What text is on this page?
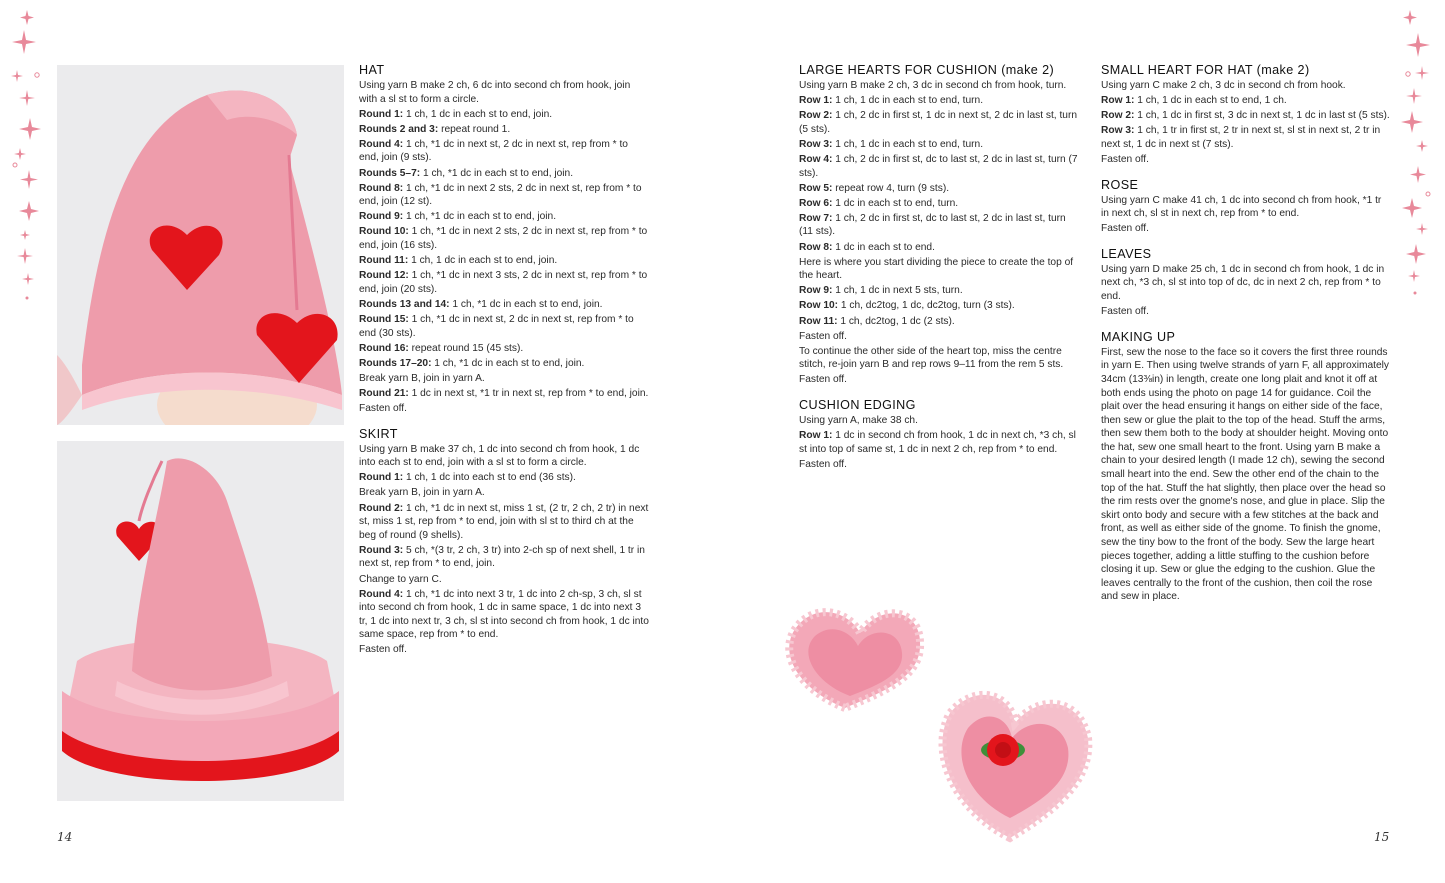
HAT

Using yarn B make 2 ch, 6 dc into second ch from hook, join with a sl st to form a circle.

Round 1: 1 ch, 1 dc in each st to end, join.

Rounds 2 and 3: repeat round 1.

Round 4: 1 ch, *1 dc in next st, 2 dc in next st, rep from * to end, join (9 sts).

Rounds 5–7: 1 ch, *1 dc in each st to end, join.

Round 8: 1 ch, *1 dc in next 2 sts, 2 dc in next st, rep from * to end, join (12 st).

Round 9: 1 ch, *1 dc in each st to end, join.

Round 10: 1 ch, *1 dc in next 2 sts, 2 dc in next st, rep from * to end, join (16 sts).

Round 11: 1 ch, 1 dc in each st to end, join.

Round 12: 1 ch, *1 dc in next 3 sts, 2 dc in next st, rep from * to end, join (20 sts).

Rounds 13 and 14: 1 ch, *1 dc in each st to end, join.

Round 15: 1 ch, *1 dc in next st, 2 dc in next st, rep from * to end (30 sts).

Round 16: repeat round 15 (45 sts).

Rounds 17–20: 1 ch, *1 dc in each st to end, join.

Break yarn B, join in yarn A.

Round 21: 1 dc in next st, *1 tr in next st, rep from * to end, join.

Fasten off.

SKIRT

Using yarn B make 37 ch, 1 dc into second ch from hook, 1 dc into each st to end, join with a sl st to form a circle.

Round 1: 1 ch, 1 dc into each st to end (36 sts).

Break yarn B, join in yarn A.

Round 2: 1 ch, *1 dc in next st, miss 1 st, (2 tr, 2 ch, 2 tr) in next st, miss 1 st, rep from * to end, join with sl st to third ch at the beg of round (9 shells).

Round 3: 5 ch, *(3 tr, 2 ch, 3 tr) into 2-ch sp of next shell, 1 tr in next st, rep from * to end, join.

Change to yarn C.

Round 4: 1 ch, *1 dc into next 3 tr, 1 dc into 2 ch-sp, 3 ch, sl st into second ch from hook, 1 dc in same space, 1 dc into next 3 tr, 1 dc into next tr, 3 ch, sl st into second ch from hook, 1 dc into same space, rep from * to end.

Fasten off.

LARGE HEARTS FOR CUSHION (make 2)

Using yarn B make 2 ch, 3 dc in second ch from hook, turn.

Row 1: 1 ch, 1 dc in each st to end, turn.

Row 2: 1 ch, 2 dc in first st, 1 dc in next st, 2 dc in last st, turn (5 sts).

Row 3: 1 ch, 1 dc in each st to end, turn.

Row 4: 1 ch, 2 dc in first st, dc to last st, 2 dc in last st, turn (7 sts).

Row 5: repeat row 4, turn (9 sts).

Row 6: 1 dc in each st to end, turn.

Row 7: 1 ch, 2 dc in first st, dc to last st, 2 dc in last st, turn (11 sts).

Row 8: 1 dc in each st to end.

Here is where you start dividing the piece to create the top of the heart.

Row 9: 1 ch, 1 dc in next 5 sts, turn.

Row 10: 1 ch, dc2tog, 1 dc, dc2tog, turn (3 sts).

Row 11: 1 ch, dc2tog, 1 dc (2 sts).

Fasten off.

To continue the other side of the heart top, miss the centre stitch, re-join yarn B and rep rows 9–11 from the rem 5 sts.

Fasten off.

CUSHION EDGING

Using yarn A, make 38 ch.

Row 1: 1 dc in second ch from hook, 1 dc in next ch, *3 ch, sl st into top of same st, 1 dc in next 2 ch, rep from * to end.

Fasten off.

SMALL HEART FOR HAT (make 2)

Using yarn C make 2 ch, 3 dc in second ch from hook.

Row 1: 1 ch, 1 dc in each st to end, 1 ch.

Row 2: 1 ch, 1 dc in first st, 3 dc in next st, 1 dc in last st (5 sts).

Row 3: 1 ch, 1 tr in first st, 2 tr in next st, sl st in next st, 2 tr in next st, 1 dc in next st (7 sts).

Fasten off.

ROSE

Using yarn C make 41 ch, 1 dc into second ch from hook, *1 tr in next ch, sl st in next ch, rep from * to end.

Fasten off.

LEAVES

Using yarn D make 25 ch, 1 dc in second ch from hook, 1 dc in next ch, *3 ch, sl st into top of dc, dc in next 2 ch, rep from * to end.

Fasten off.

MAKING UP

First, sew the nose to the face so it covers the first three rounds in yarn E. Then using twelve strands of yarn F, all approximately 34cm (13⅜in) in length, create one long plait and knot it off at both ends using the photo on page 14 for guidance. Coil the plait over the head ensuring it hangs on either side of the face, then sew or glue the plait to the top of the head. Stuff the arms, then sew them both to the body at shoulder height. Moving onto the hat, sew one small heart to the front. Using yarn B make a chain to your desired length (I made 12 ch), sewing the second small heart into the end. Sew the other end of the chain to the top of the hat. Stuff the hat slightly, then place over the head so the rim rests over the gnome's nose, and glue in place. Slip the skirt onto body and secure with a few stitches at the back and front, as well as either side of the gnome. To finish the gnome, sew the tiny bow to the front of the body. Sew the large heart pieces together, adding a little stuffing to the cushion before closing it up. Sew or glue the edging to the cushion. Glue the leaves centrally to the front of the cushion, then coil the rose and sew in place.

14	15
